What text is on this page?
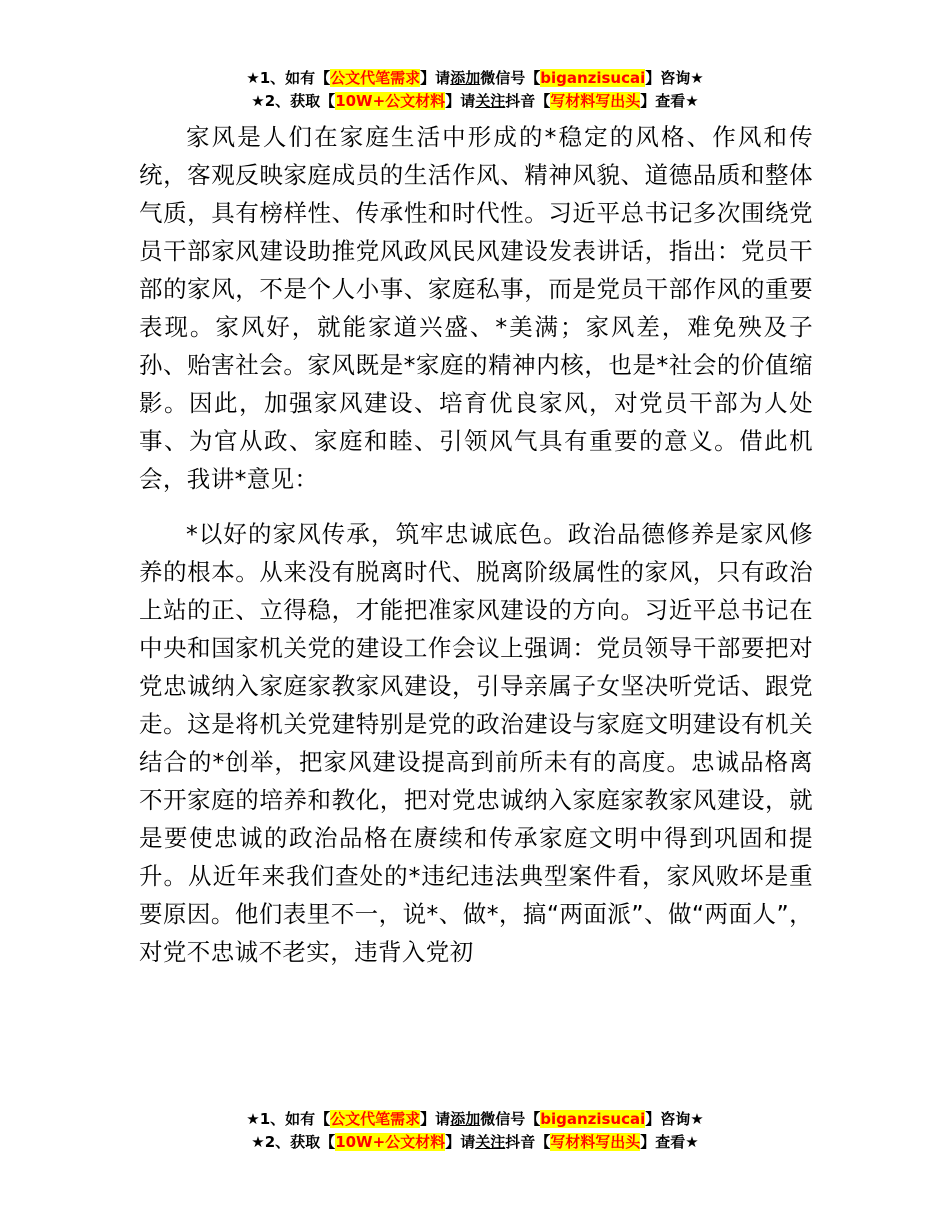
★1、如有【公文代笔需求】请添加微信号【biganzisucai】咨询★
★2、获取【10W+公文材料】请关注抖音【写材料写出头】查看★

家风是人们在家庭生活中形成的*稳定的风格、作风和传统，客观反映家庭成员的生活作风、精神风貌、道德品质和整体气质，具有榜样性、传承性和时代性。习近平总书记多次围绕党员干部家风建设助推党风政风民风建设发表讲话，指出：党员干部的家风，不是个人小事、家庭私事，而是党员干部作风的重要表现。家风好，就能家道兴盛、*美满；家风差，难免殃及子孙、贻害社会。家风既是*家庭的精神内核，也是*社会的价值缩影。因此，加强家风建设、培育优良家风，对党员干部为人处事、为官从政、家庭和睦、引领风气具有重要的意义。借此机会，我讲*意见：

*以好的家风传承，筑牢忠诚底色。政治品德修养是家风修养的根本。从来没有脱离时代、脱离阶级属性的家风，只有政治上站的正、立得稳，才能把准家风建设的方向。习近平总书记在中央和国家机关党的建设工作会议上强调：党员领导干部要把对党忠诚纳入家庭家教家风建设，引导亲属子女坚决听党话、跟党走。这是将机关党建特别是党的政治建设与家庭文明建设有机关结合的*创举，把家风建设提高到前所未有的高度。忠诚品格离不开家庭的培养和教化，把对党忠诚纳入家庭家教家风建设，就是要使忠诚的政治品格在赓续和传承家庭文明中得到巩固和提升。从近年来我们查处的*违纪违法典型案件看，家风败坏是重要原因。他们表里不一，说*、做*，搞“两面派”、做“两面人”，对党不忠诚不老实，违背入党初

★1、如有【公文代笔需求】请添加微信号【biganzisucai】咨询★
★2、获取【10W+公文材料】请关注抖音【写材料写出头】查看★
